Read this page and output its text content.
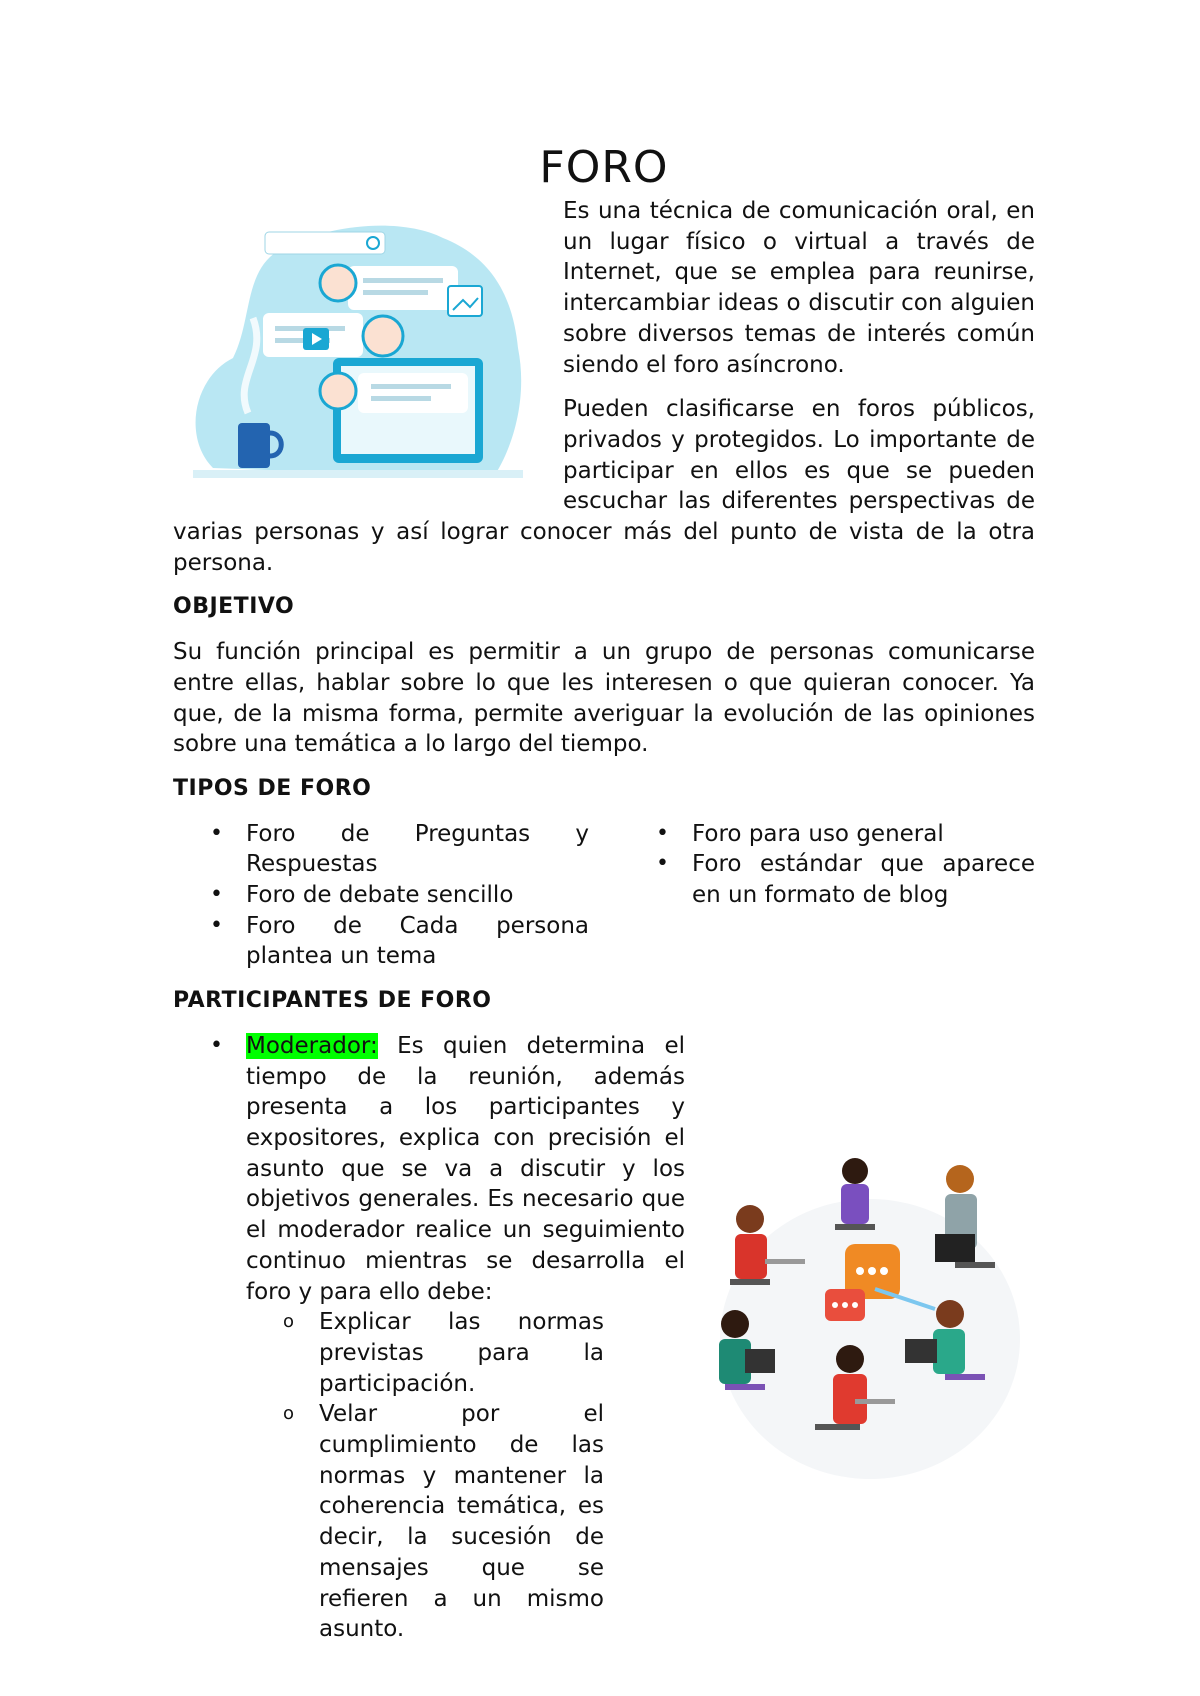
FORO

Es una técnica de comunicación oral, en un lugar físico o virtual a través de Internet, que se emplea para reunirse, intercambiar ideas o discutir con alguien sobre diversos temas de interés común siendo el foro asíncrono.

Pueden clasificarse en foros públicos, privados y protegidos. Lo importante de participar en ellos es que se pueden escuchar las diferentes perspectivas de varias personas y así lograr conocer más del punto de vista de la otra persona.

OBJETIVO

Su función principal es permitir a un grupo de personas comunicarse entre ellas, hablar sobre lo que les interesen o que quieran conocer. Ya que, de la misma forma, permite averiguar la evolución de las opiniones sobre una temática a lo largo del tiempo.

TIPOS DE FORO
• Foro de Preguntas y Respuestas
• Foro de debate sencillo
• Foro de Cada persona plantea un tema
• Foro para uso general
• Foro estándar que aparece en un formato de blog
PARTICIPANTES DE FORO
• Moderador: Es quien determina el tiempo de la reunión, además presenta a los participantes y expositores, explica con precisión el asunto que se va a discutir y los objetivos generales. Es necesario que el moderador realice un seguimiento continuo mientras se desarrolla el foro y para ello debe:
o Explicar las normas previstas para la participación.
o Velar por el cumplimiento de las normas y mantener la coherencia temática, es decir, la sucesión de mensajes que se refieren a un mismo asunto.
